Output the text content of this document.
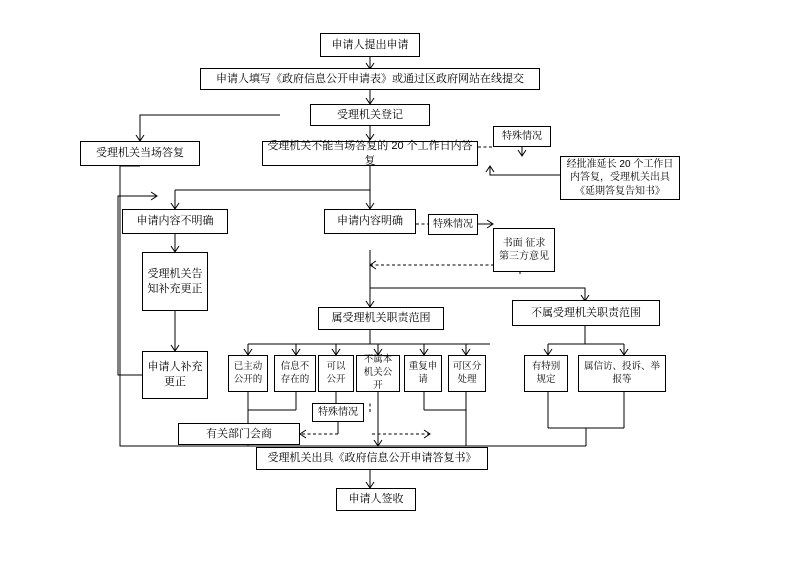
申请人提出申请
申请人填写《政府信息公开申请表》或通过区政府网站在线提交
受理机关登记
受理机关当场答复
受理机关不能当场答复的 20 个工作日内答复
特殊情况
经批准延长 20 个工作日内答复，受理机关出具《延期答复告知书》
申请内容不明确	申请内容明确	特殊情况
书面 征求 第三方意见
受理机关告知补充更正
申请人补充更正
属受理机关职责范围	不属受理机关职责范围
已主动公开的
信息不存在的
可以公开
不属本机关公开
重复申请
可区分处理
有特别规定
属信访、投诉、举报等
特殊情况
有关部门会商
受理机关出具《政府信息公开申请答复书》
申请人签收
